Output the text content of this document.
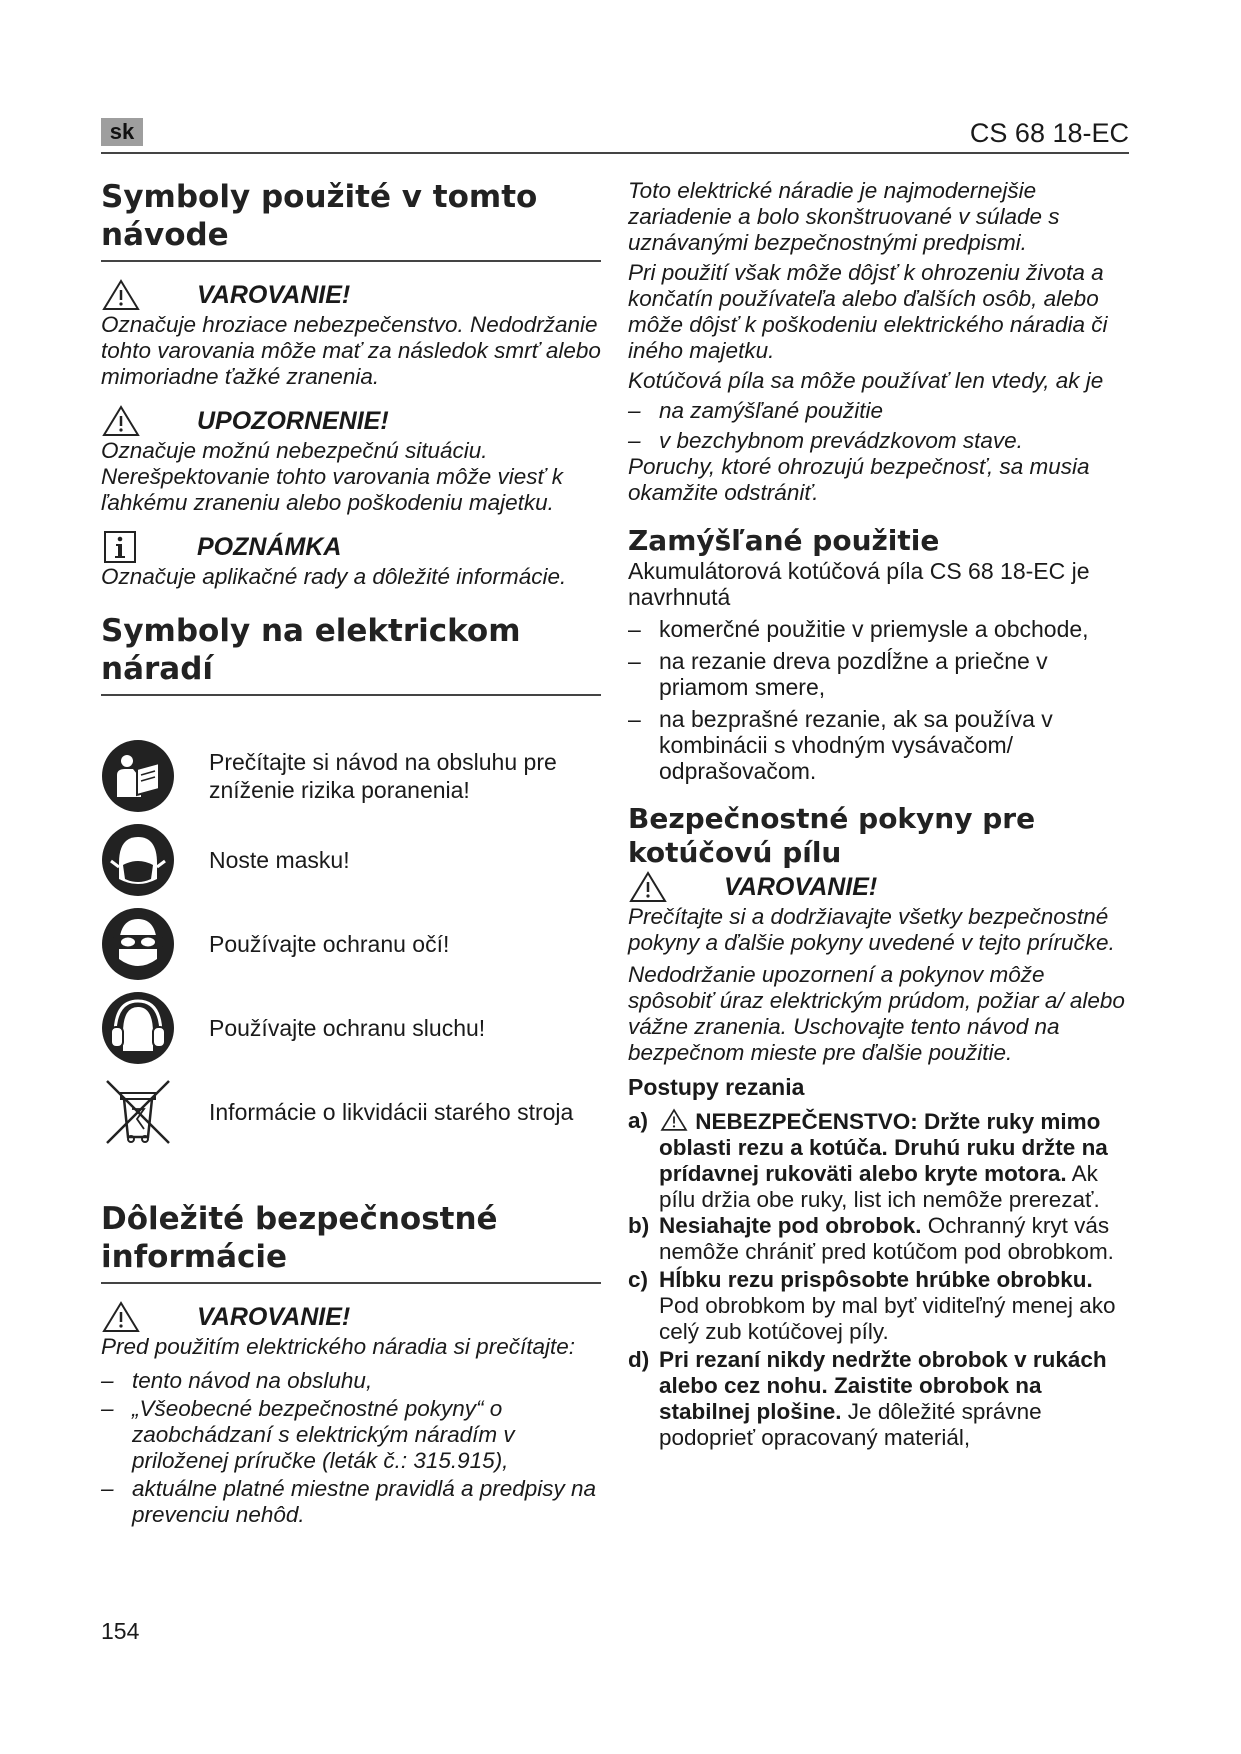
sk	CS 68 18-EC
Symboly použité v tomto návode
VAROVANIE!
Označuje hroziace nebezpečenstvo. Nedodržanie tohto varovania môže mať za následok smrť alebo mimoriadne ťažké zranenia.
UPOZORNENIE!
Označuje možnú nebezpečnú situáciu. Nerešpektovanie tohto varovania môže viesť k ľahkému zraneniu alebo poškodeniu majetku.
POZNÁMKA
Označuje aplikačné rady a dôležité informácie.
Symboly na elektrickom náradí
Prečítajte si návod na obsluhu pre zníženie rizika poranenia!
Noste masku!
Používajte ochranu očí!
Používajte ochranu sluchu!
Informácie o likvidácii starého stroja
Dôležité bezpečnostné informácie
VAROVANIE!
Pred použitím elektrického náradia si prečítajte:
– tento návod na obsluhu,
– „Všeobecné bezpečnostné pokyny“ o zaobchádzaní s elektrickým náradím v priloženej príručke (leták č.: 315.915),
– aktuálne platné miestne pravidlá a predpisy na prevenciu nehôd.
Toto elektrické náradie je najmodernejšie zariadenie a bolo skonštruované v súlade s uznávanými bezpečnostnými predpismi.
Pri použití však môže dôjsť k ohrozeniu života a končatín používateľa alebo ďalších osôb, alebo môže dôjsť k poškodeniu elektrického náradia či iného majetku.
Kotúčová píla sa môže používať len vtedy, ak je
– na zamýšľané použitie
– v bezchybnom prevádzkovom stave.
Poruchy, ktoré ohrozujú bezpečnosť, sa musia okamžite odstrániť.
Zamýšľané použitie
Akumulátorová kotúčová píla CS 68 18-EC je navrhnutá
– komerčné použitie v priemysle a obchode,
– na rezanie dreva pozdĺžne a priečne v priamom smere,
– na bezprašné rezanie, ak sa používa v kombinácii s vhodným vysávačom/ odprašovačom.
Bezpečnostné pokyny pre kotúčovú pílu
VAROVANIE!
Prečítajte si a dodržiavajte všetky bezpečnostné pokyny a ďalšie pokyny uvedené v tejto príručke.
Nedodržanie upozornení a pokynov môže spôsobiť úraz elektrickým prúdom, požiar a/ alebo vážne zranenia. Uschovajte tento návod na bezpečnom mieste pre ďalšie použitie.
Postupy rezania
a)	NEBEZPEČENSTVO: Držte ruky mimo oblasti rezu a kotúča. Druhú ruku držte na prídavnej rukoväti alebo kryte motora. Ak pílu držia obe ruky, list ich nemôže prerezať.
b) Nesiahajte pod obrobok. Ochranný kryt vás nemôže chrániť pred kotúčom pod obrobkom.
c) Hĺbku rezu prispôsobte hrúbke obrobku. Pod obrobkom by mal byť viditeľný menej ako celý zub kotúčovej píly.
d) Pri rezaní nikdy nedržte obrobok v rukách alebo cez nohu. Zaistite obrobok na stabilnej plošine. Je dôležité správne podoprieť opracovaný materiál,
154
